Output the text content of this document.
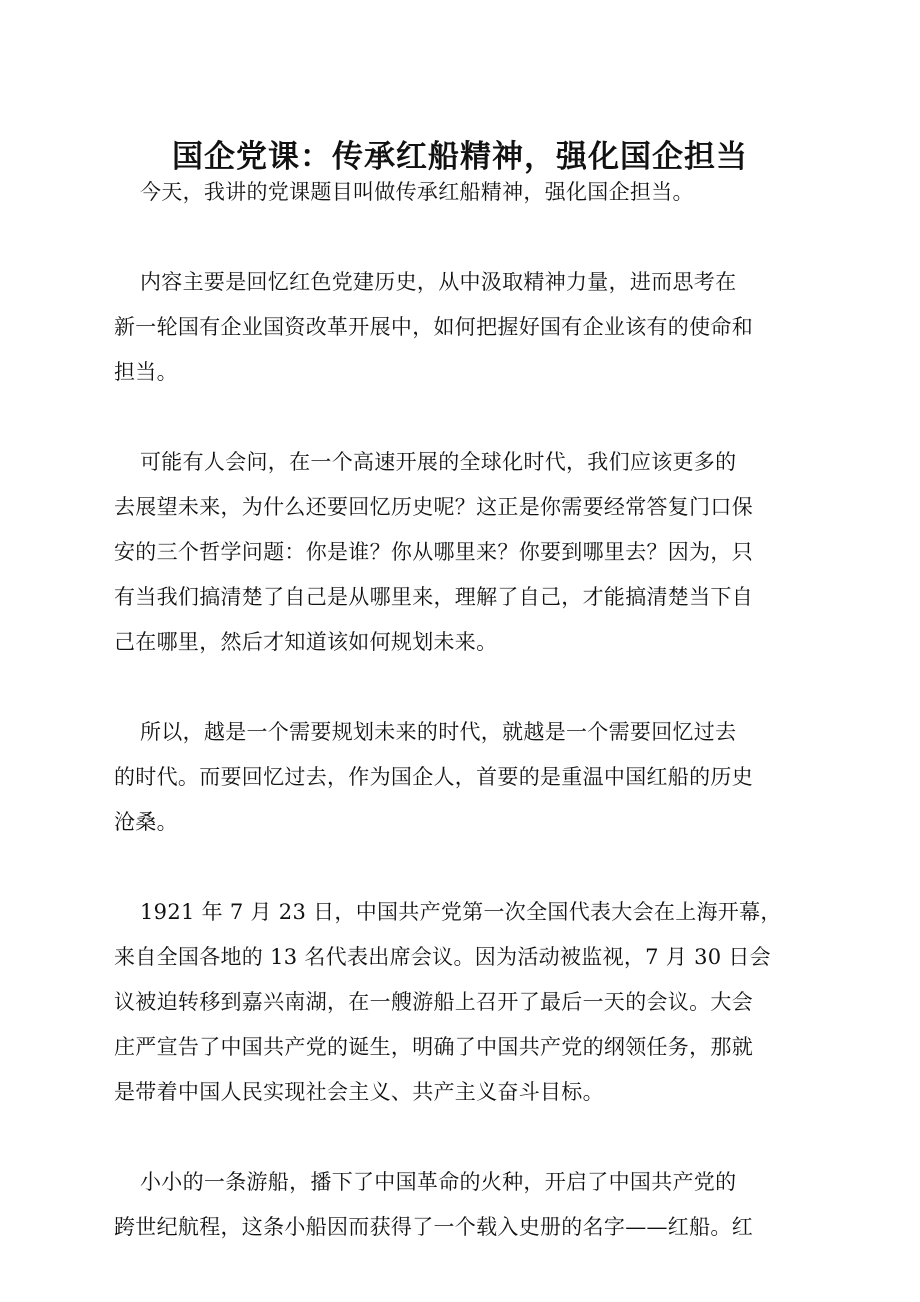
国企党课：传承红船精神，强化国企担当
今天，我讲的党课题目叫做传承红船精神，强化国企担当。
内容主要是回忆红色党建历史，从中汲取精神力量，进而思考在
新一轮国有企业国资改革开展中，如何把握好国有企业该有的使命和
担当。
可能有人会问，在一个高速开展的全球化时代，我们应该更多的
去展望未来，为什么还要回忆历史呢？这正是你需要经常答复门口保
安的三个哲学问题：你是谁？你从哪里来？你要到哪里去？因为，只
有当我们搞清楚了自己是从哪里来，理解了自己，才能搞清楚当下自
己在哪里，然后才知道该如何规划未来。
所以，越是一个需要规划未来的时代，就越是一个需要回忆过去
的时代。而要回忆过去，作为国企人，首要的是重温中国红船的历史
沧桑。
1921 年 7 月 23 日，中国共产党第一次全国代表大会在上海开幕，
来自全国各地的 13 名代表出席会议。因为活动被监视，7 月 30 日会
议被迫转移到嘉兴南湖，在一艘游船上召开了最后一天的会议。大会
庄严宣告了中国共产党的诞生，明确了中国共产党的纲领任务，那就
是带着中国人民实现社会主义、共产主义奋斗目标。
小小的一条游船，播下了中国革命的火种，开启了中国共产党的
跨世纪航程，这条小船因而获得了一个载入史册的名字——红船。红
